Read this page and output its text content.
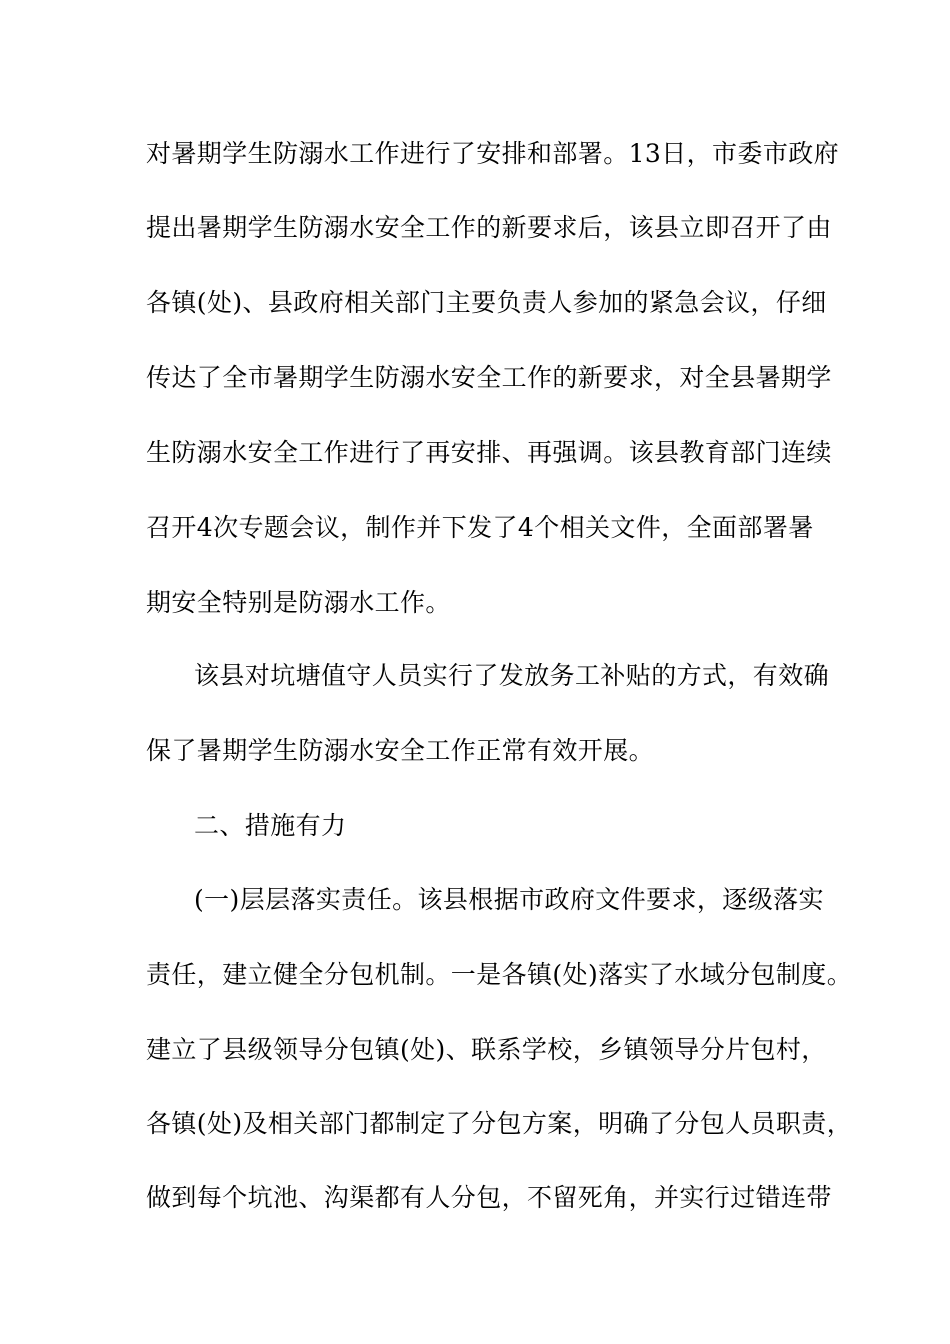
对暑期学生防溺水工作进行了安排和部署。13日，市委市政府
提出暑期学生防溺水安全工作的新要求后，该县立即召开了由
各镇(处)、县政府相关部门主要负责人参加的紧急会议，仔细
传达了全市暑期学生防溺水安全工作的新要求，对全县暑期学
生防溺水安全工作进行了再安排、再强调。该县教育部门连续
召开4次专题会议，制作并下发了4个相关文件，全面部署暑
期安全特别是防溺水工作。
该县对坑塘值守人员实行了发放务工补贴的方式，有效确
保了暑期学生防溺水安全工作正常有效开展。
二、措施有力
(一)层层落实责任。该县根据市政府文件要求，逐级落实
责任，建立健全分包机制。一是各镇(处)落实了水域分包制度。
建立了县级领导分包镇(处)、联系学校，乡镇领导分片包村，
各镇(处)及相关部门都制定了分包方案，明确了分包人员职责，
做到每个坑池、沟渠都有人分包，不留死角，并实行过错连带
